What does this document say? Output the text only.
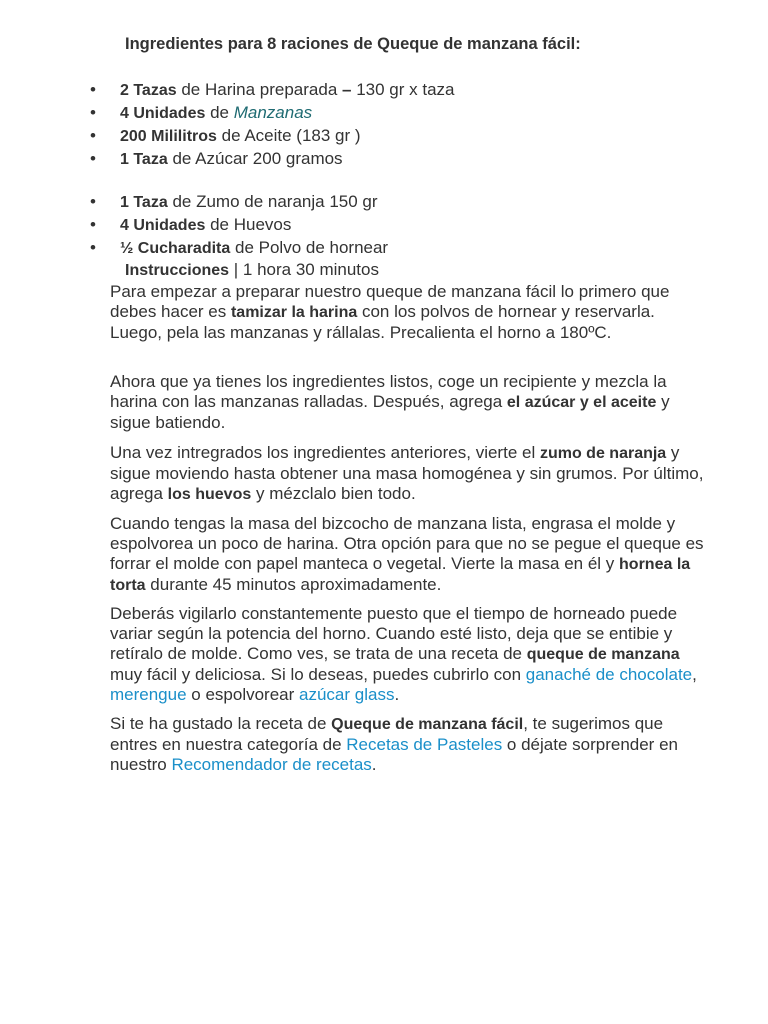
Ingredientes para 8 raciones de Queque de manzana fácil:
• 2 Tazas de Harina preparada – 130 gr x taza
• 4 Unidades de Manzanas
• 200 Mililitros de Aceite (183 gr )
• 1 Taza de Azúcar 200 gramos
• 1 Taza de Zumo de naranja 150 gr
• 4 Unidades de Huevos
• ½ Cucharadita de Polvo de hornear
Instrucciones | 1 hora 30 minutos

Para empezar a preparar nuestro queque de manzana fácil lo primero que debes hacer es tamizar la harina con los polvos de hornear y reservarla. Luego, pela las manzanas y rállalas. Precalienta el horno a 180ºC.

Ahora que ya tienes los ingredientes listos, coge un recipiente y mezcla la harina con las manzanas ralladas. Después, agrega el azúcar y el aceite y sigue batiendo.

Una vez intregrados los ingredientes anteriores, vierte el zumo de naranja y sigue moviendo hasta obtener una masa homogénea y sin grumos. Por último, agrega los huevos y mézclalo bien todo.

Cuando tengas la masa del bizcocho de manzana lista, engrasa el molde y espolvorea un poco de harina. Otra opción para que no se pegue el queque es forrar el molde con papel manteca o vegetal. Vierte la masa en él y hornea la torta durante 45 minutos aproximadamente.

Deberás vigilarlo constantemente puesto que el tiempo de horneado puede variar según la potencia del horno. Cuando esté listo, deja que se entibie y retíralo de molde. Como ves, se trata de una receta de queque de manzana muy fácil y deliciosa. Si lo deseas, puedes cubrirlo con ganaché de chocolate, merengue o espolvorear azúcar glass.

Si te ha gustado la receta de Queque de manzana fácil, te sugerimos que entres en nuestra categoría de Recetas de Pasteles o déjate sorprender en nuestro Recomendador de recetas.
